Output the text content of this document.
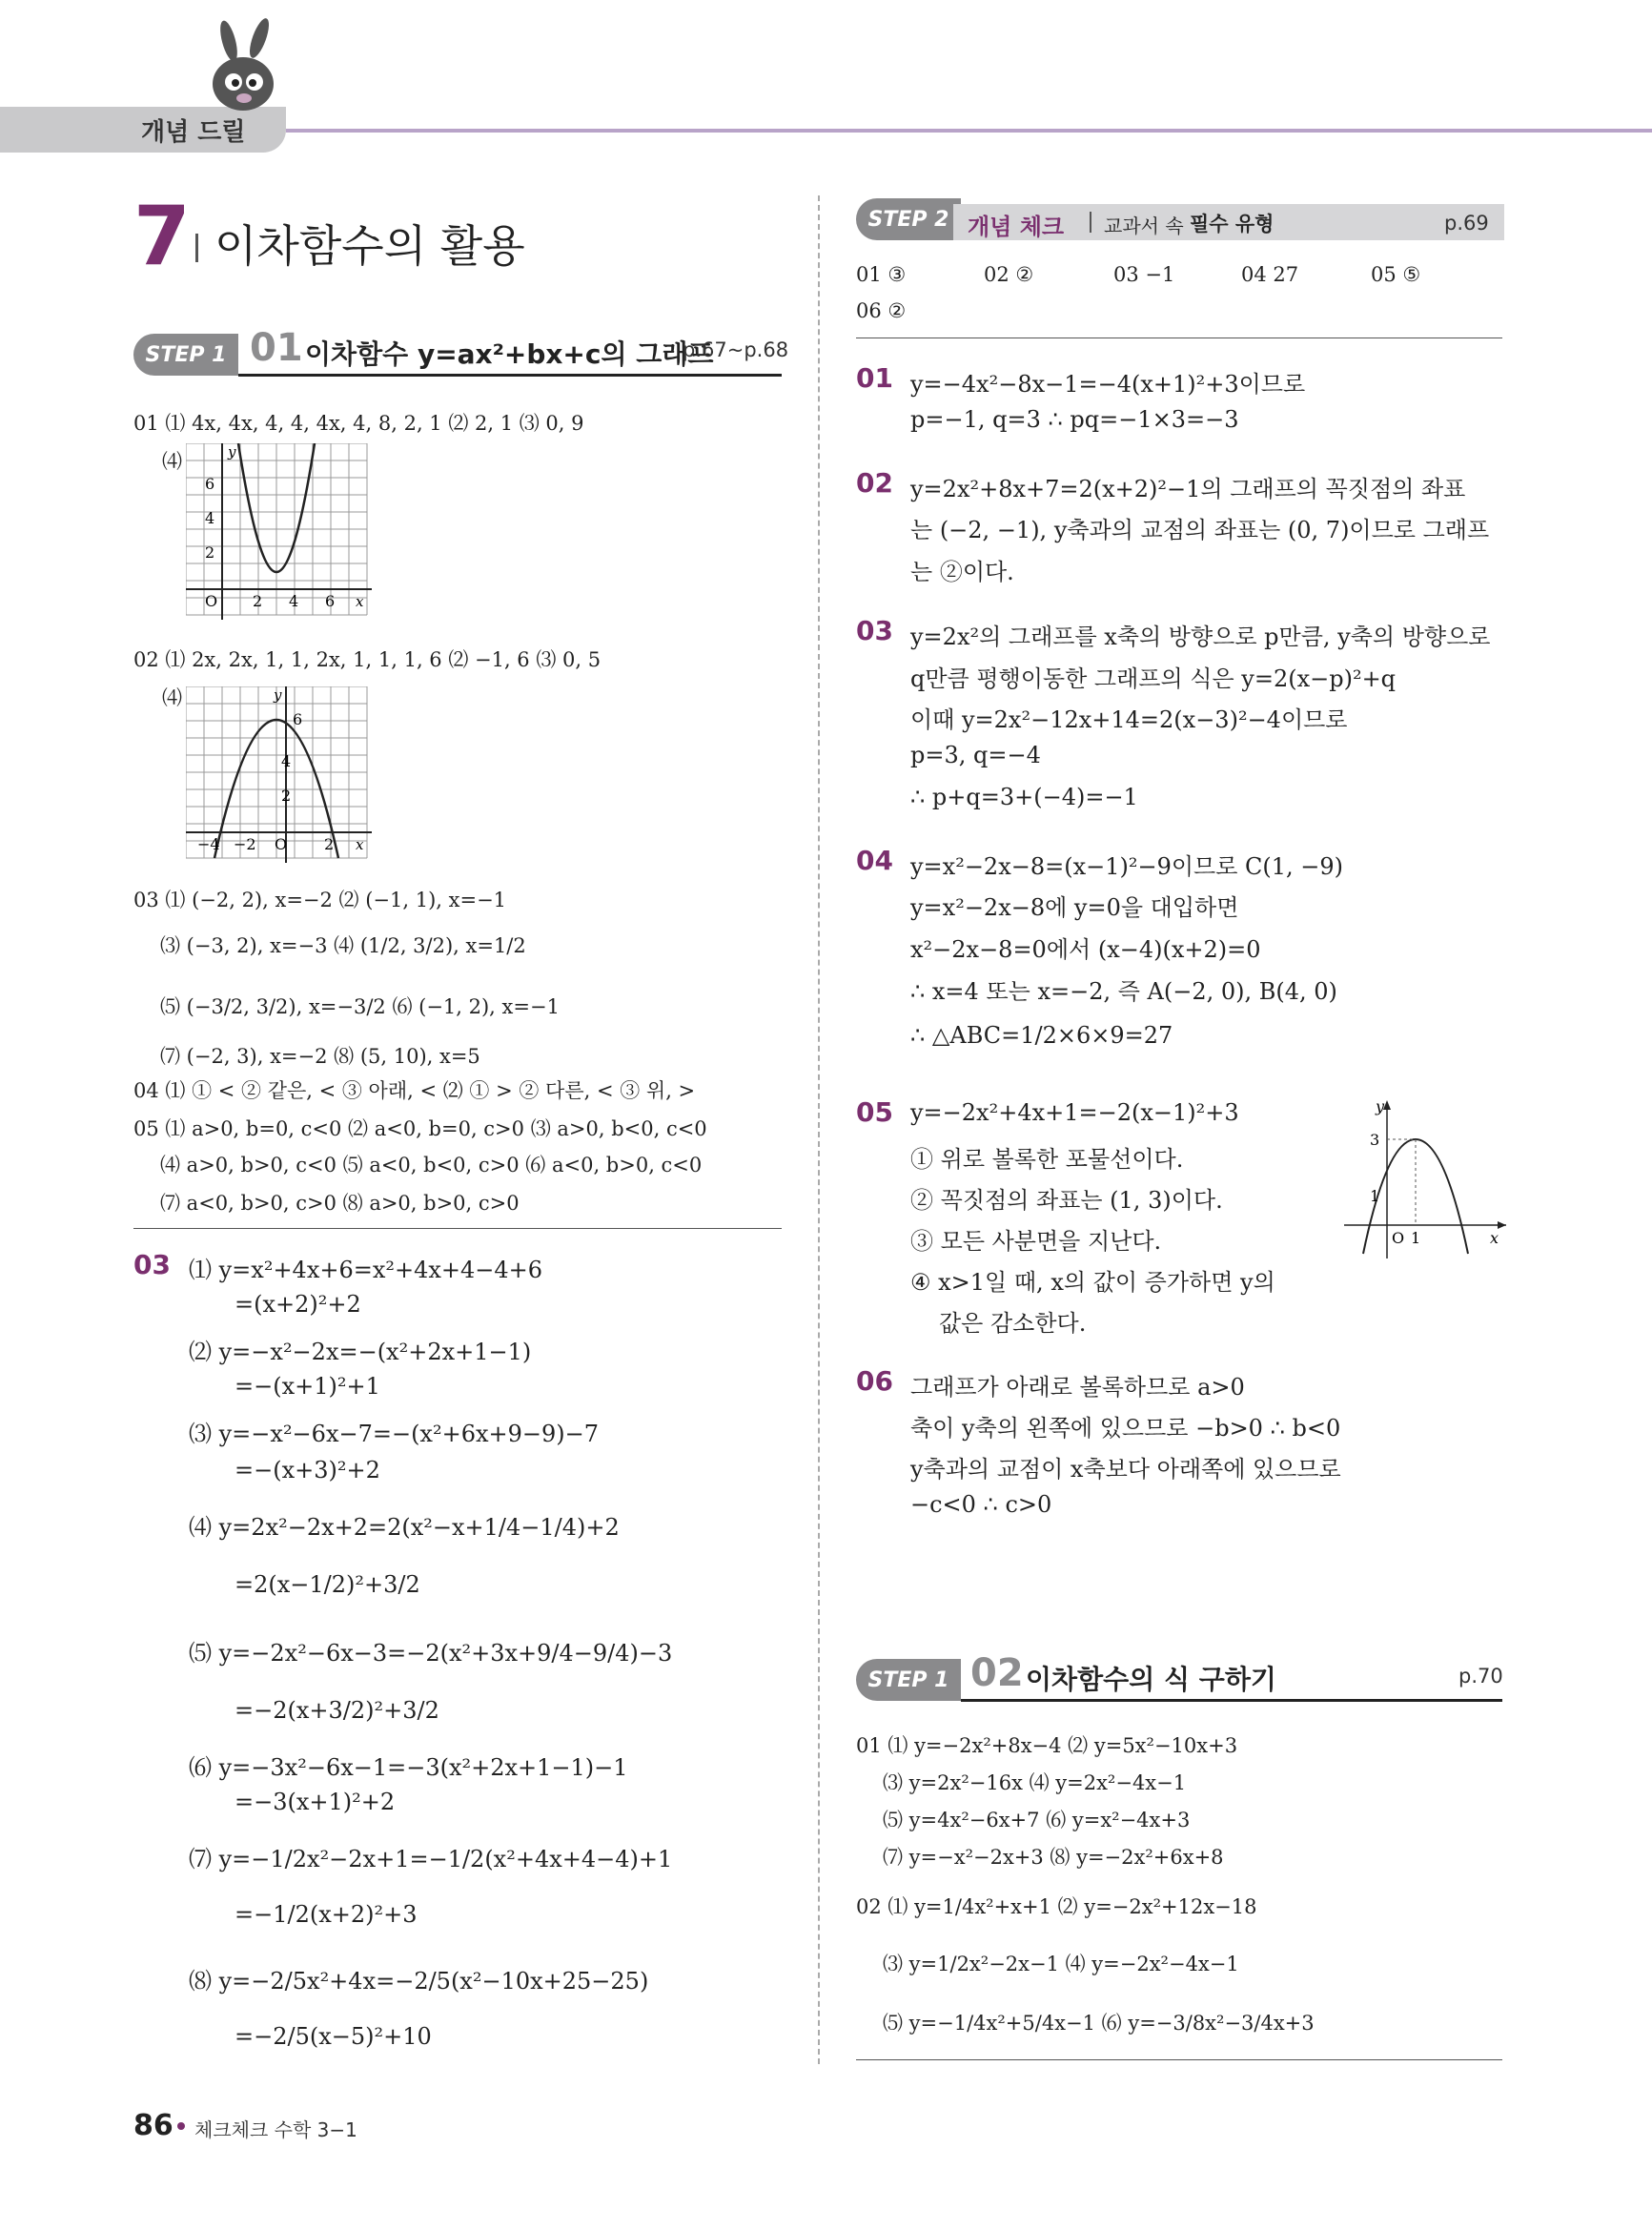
개념 드릴
7 이차함수의 활용
STEP 1 01 이차함수 y=ax²+bx+c의 그래프
p.67~p.68
01 ⑴ 4x, 4x, 4, 4, 4x, 4, 8, 2, 1 ⑵ 2, 1 ⑶ 0, 9
⑷	y
6
4
2
O 2 4 6 x
02 ⑴ 2x, 2x, 1, 1, 2x, 1, 1, 1, 6 ⑵ −1, 6 ⑶ 0, 5
⑷	y
6
4
2
−4 −2 O 2 x
03 ⑴ (−2, 2), x=−2 ⑵ (−1, 1), x=−1
⑶ (−3, 2), x=−3 ⑷ (1/2, 3/2), x=1/2
⑸ (−3/2, 3/2), x=−3/2 ⑹ (−1, 2), x=−1
⑺ (−2, 3), x=−2 ⑻ (5, 10), x=5
04 ⑴ ① < ② 같은, < ③ 아래, < ⑵ ① > ② 다른, < ③ 위, >
05 ⑴ a>0, b=0, c<0 ⑵ a<0, b=0, c>0 ⑶ a>0, b<0, c<0
⑷ a>0, b>0, c<0 ⑸ a<0, b<0, c>0 ⑹ a<0, b>0, c<0
⑺ a<0, b>0, c>0 ⑻ a>0, b>0, c>0
03 ⑴ y=x²+4x+6=x²+4x+4−4+6
=(x+2)²+2
⑵ y=−x²−2x=−(x²+2x+1−1)
=−(x+1)²+1
⑶ y=−x²−6x−7=−(x²+6x+9−9)−7
=−(x+3)²+2
⑷ y=2x²−2x+2=2(x²−x+1/4−1/4)+2
=2(x−1/2)²+3/2
⑸ y=−2x²−6x−3=−2(x²+3x+9/4−9/4)−3
=−2(x+3/2)²+3/2
⑹ y=−3x²−6x−1=−3(x²+2x+1−1)−1
=−3(x+1)²+2
⑺ y=−1/2x²−2x+1=−1/2(x²+4x+4−4)+1
=−1/2(x+2)²+3
⑻ y=−2/5x²+4x=−2/5(x²−10x+25−25)
=−2/5(x−5)²+10
STEP 2 개념 체크 교과서 속 필수 유형	p.69
01 ③	02 ②	03 −1	04 27	05 ⑤
06 ②
01 y=−4x²−8x−1=−4(x+1)²+3이므로
p=−1, q=3 ∴ pq=−1×3=−3
02 y=2x²+8x+7=2(x+2)²−1의 그래프의 꼭짓점의 좌표
는 (−2, −1), y축과의 교점의 좌표는 (0, 7)이므로 그래프
는 ②이다.
03 y=2x²의 그래프를 x축의 방향으로 p만큼, y축의 방향으로
q만큼 평행이동한 그래프의 식은 y=2(x−p)²+q
이때 y=2x²−12x+14=2(x−3)²−4이므로
p=3, q=−4
∴ p+q=3+(−4)=−1
04 y=x²−2x−8=(x−1)²−9이므로 C(1, −9)
y=x²−2x−8에 y=0을 대입하면
x²−2x−8=0에서 (x−4)(x+2)=0
∴ x=4 또는 x=−2, 즉 A(−2, 0), B(4, 0)
∴ △ABC=1/2×6×9=27
05 y=−2x²+4x+1=−2(x−1)²+3
① 위로 볼록한 포물선이다.
② 꼭짓점의 좌표는 (1, 3)이다.
③ 모든 사분면을 지난다.
④ x>1일 때, x의 값이 증가하면 y의
값은 감소한다.
y
3
1
O 1	x
06 그래프가 아래로 볼록하므로 a>0
축이 y축의 왼쪽에 있으므로 −b>0 ∴ b<0
y축과의 교점이 x축보다 아래쪽에 있으므로
−c<0 ∴ c>0
STEP 1 02 이차함수의 식 구하기	p.70
01 ⑴ y=−2x²+8x−4 ⑵ y=5x²−10x+3
⑶ y=2x²−16x ⑷ y=2x²−4x−1
⑸ y=4x²−6x+7 ⑹ y=x²−4x+3
⑺ y=−x²−2x+3 ⑻ y=−2x²+6x+8
02 ⑴ y=1/4x²+x+1 ⑵ y=−2x²+12x−18
⑶ y=1/2x²−2x−1 ⑷ y=−2x²−4x−1
⑸ y=−1/4x²+5/4x−1 ⑹ y=−3/8x²−3/4x+3
86 체크체크 수학 3−1
